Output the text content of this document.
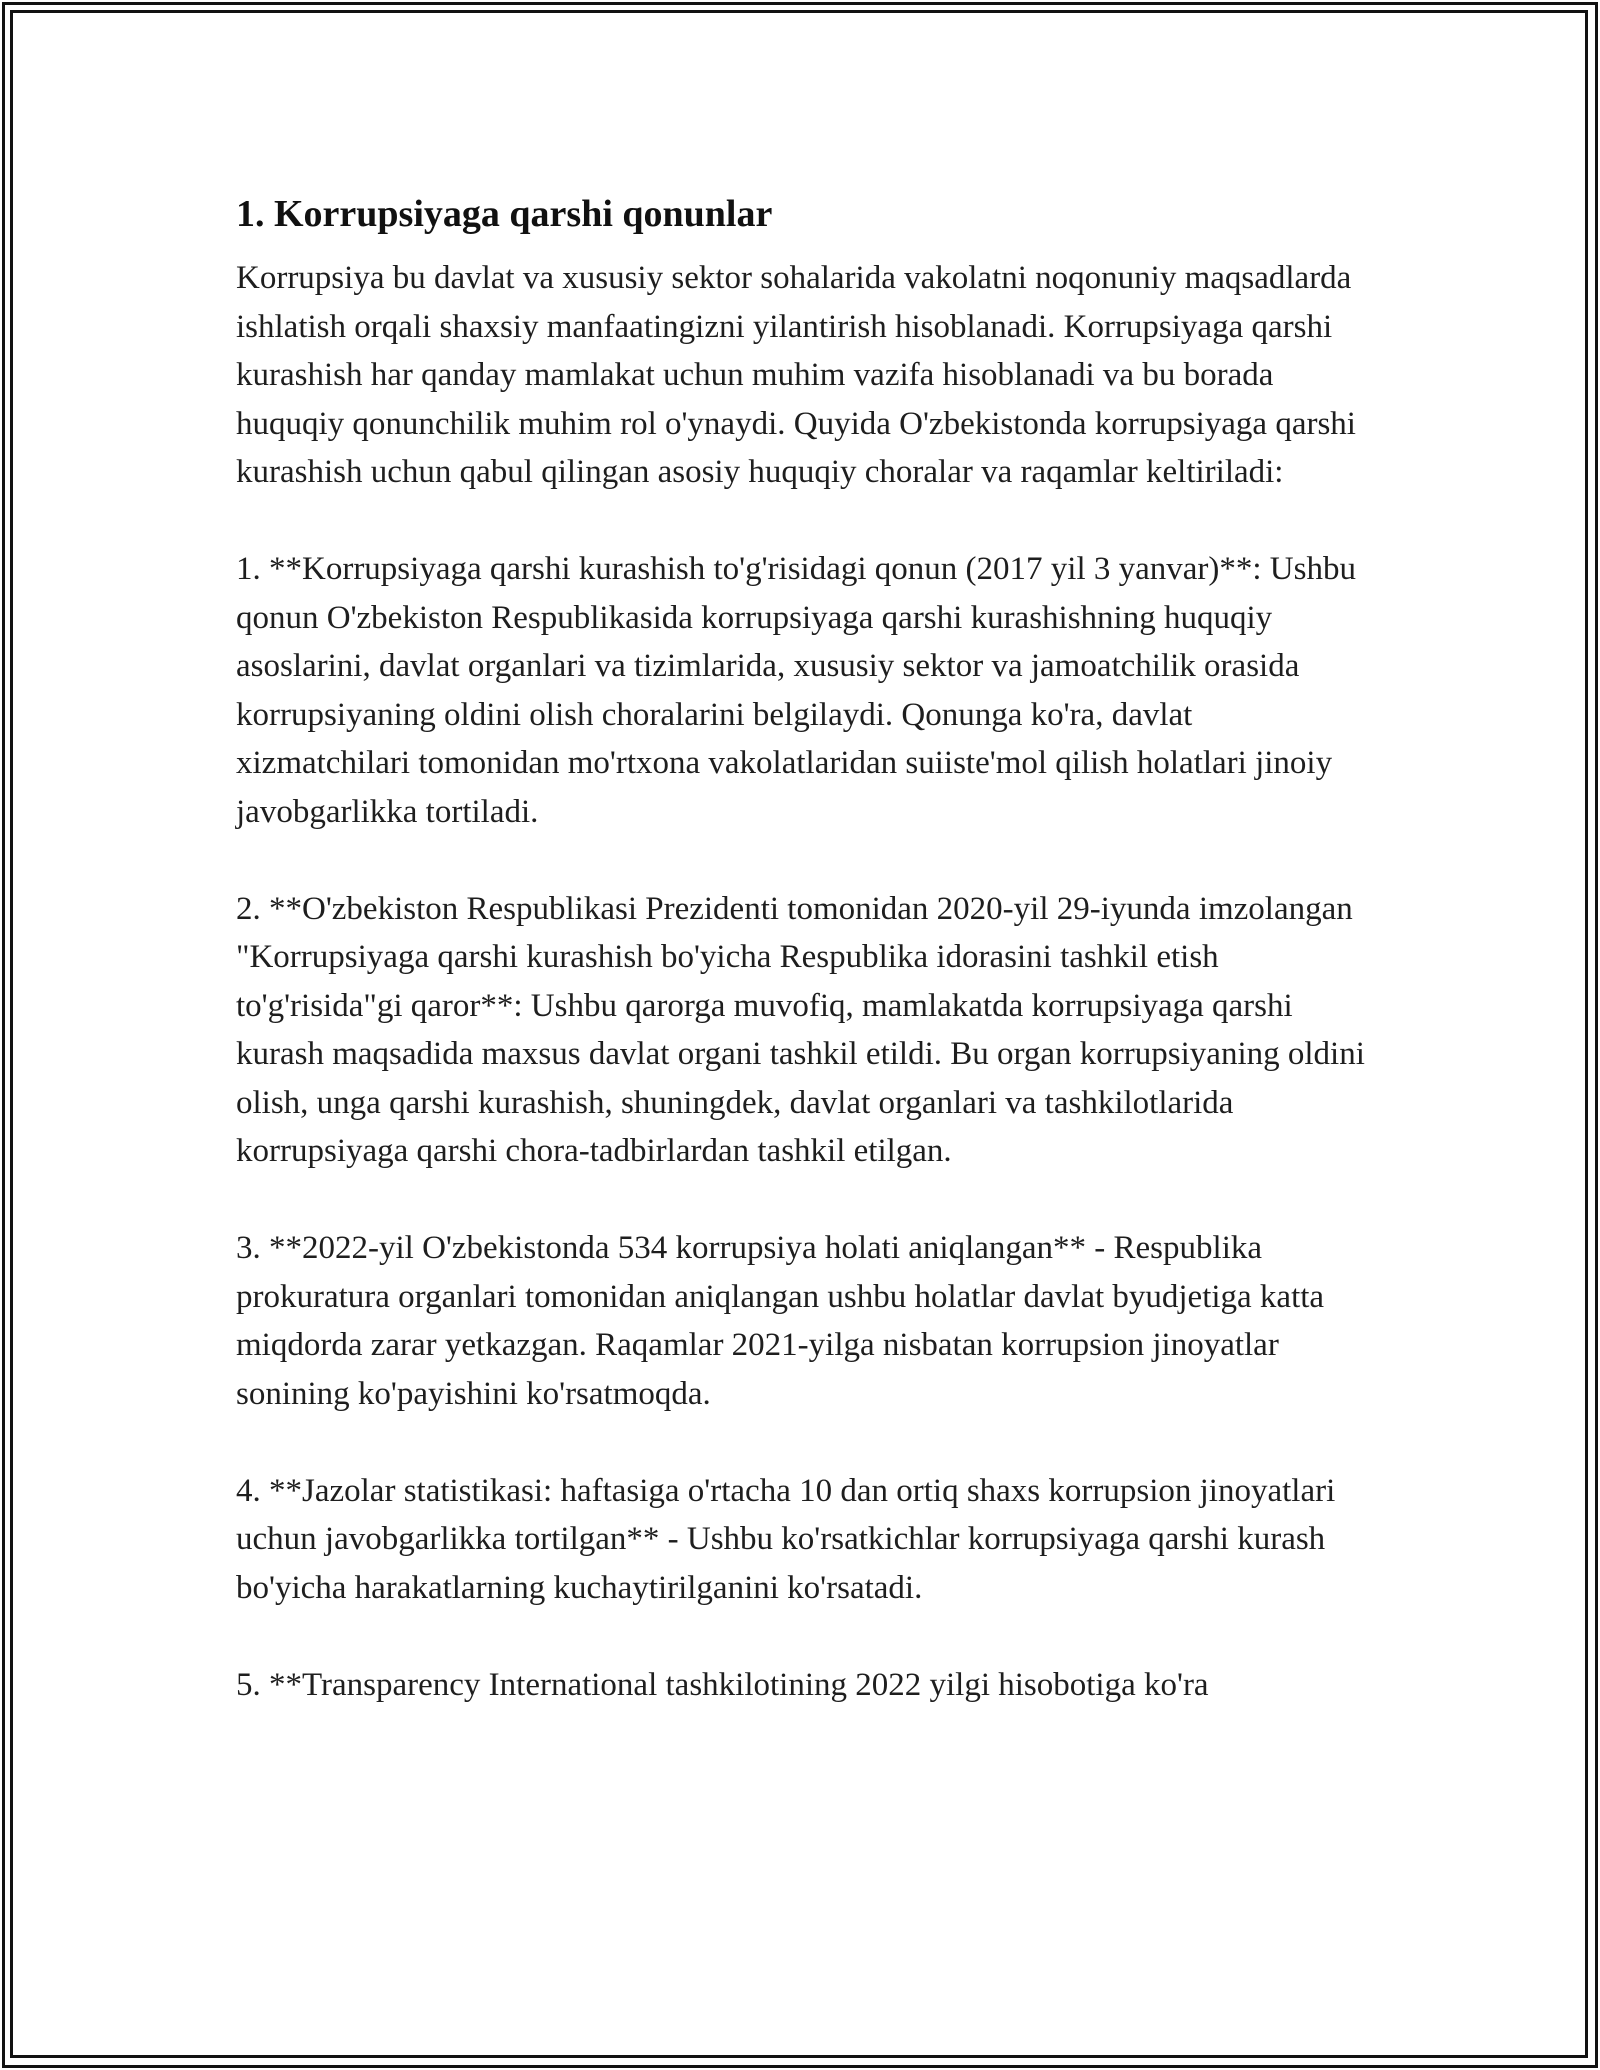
1. Korrupsiyaga qarshi qonunlar

Korrupsiya bu davlat va xususiy sektor sohalarida vakolatni noqonuniy maqsadlarda ishlatish orqali shaxsiy manfaatingizni yilantirish hisoblanadi. Korrupsiyaga qarshi kurashish har qanday mamlakat uchun muhim vazifa hisoblanadi va bu borada huquqiy qonunchilik muhim rol o'ynaydi. Quyida O'zbekistonda korrupsiyaga qarshi kurashish uchun qabul qilingan asosiy huquqiy choralar va raqamlar keltiriladi:

1. **Korrupsiyaga qarshi kurashish to'g'risidagi qonun (2017 yil 3 yanvar)**: Ushbu qonun O'zbekiston Respublikasida korrupsiyaga qarshi kurashishning huquqiy asoslarini, davlat organlari va tizimlarida, xususiy sektor va jamoatchilik orasida korrupsiyaning oldini olish choralarini belgilaydi. Qonunga ko'ra, davlat xizmatchilari tomonidan mo'rtxona vakolatlaridan suiiste'mol qilish holatlari jinoiy javobgarlikka tortiladi.

2. **O'zbekiston Respublikasi Prezidenti tomonidan 2020-yil 29-iyunda imzolangan "Korrupsiyaga qarshi kurashish bo'yicha Respublika idorasini tashkil etish to'g'risida"gi qaror**: Ushbu qarorga muvofiq, mamlakatda korrupsiyaga qarshi kurash maqsadida maxsus davlat organi tashkil etildi. Bu organ korrupsiyaning oldini olish, unga qarshi kurashish, shuningdek, davlat organlari va tashkilotlarida korrupsiyaga qarshi chora-tadbirlardan tashkil etilgan.

3. **2022-yil O'zbekistonda 534 korrupsiya holati aniqlangan** - Respublika prokuratura organlari tomonidan aniqlangan ushbu holatlar davlat byudjetiga katta miqdorda zarar yetkazgan. Raqamlar 2021-yilga nisbatan korrupsion jinoyatlar sonining ko'payishini ko'rsatmoqda.

4. **Jazolar statistikasi: haftasiga o'rtacha 10 dan ortiq shaxs korrupsion jinoyatlari uchun javobgarlikka tortilgan** - Ushbu ko'rsatkichlar korrupsiyaga qarshi kurash bo'yicha harakatlarning kuchaytirilganini ko'rsatadi.

5. **Transparency International tashkilotining 2022 yilgi hisobotiga ko'ra
